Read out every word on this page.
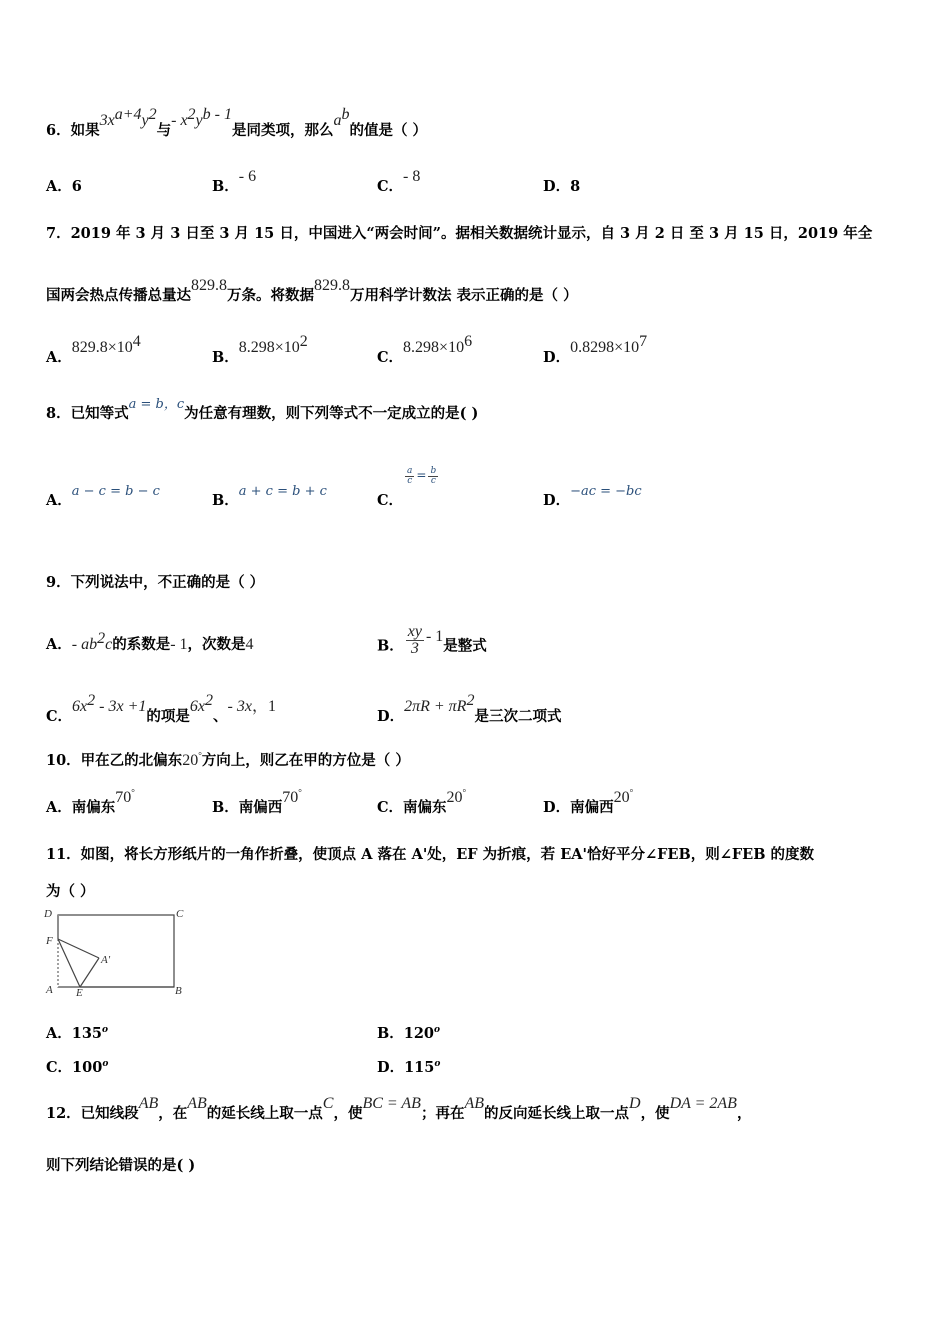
6．如果$3x^{a+4}y^2$与- $x^2y^{b - 1}$是同类项，那么$a^b$的值是（ ）
A．6	B．- 6
C．- 8
D．8
7．2019 年 3 月 3 日至 3 月 15 日，中国进入“两会时间”。据相关数据统计显示，自 3 月 2 日 至 3 月 15 日，2019 年全
国两会热点传播总量达829.8万条。将数据829.8万用科学计数法 表示正确的是（ ）
A．$829.8\times 10^4$
B．$8.298\times 10^2$
C．$8.298\times 10^6$
D．$0.8298\times 10^7$
8．已知等式a = b，c为任意有理数，则下列等式不一定成立的是( )
A．a − c = b − c
B．a + c = b + c
C．
$^{\frac{a}{c} = \frac{b}{c}}$
D．−ac = −bc
9．下列说法中，不正确的是（ ）
A．- $ab^2c$的系数是- 1，次数是4	B． $\frac{xy}{3} - 1$是整式
C．$6x^2 - 3x +1$的项是$6x^2$、- 3x，1
D．$2\pi R + \pi R^2$是三次二项式
10．甲在乙的北偏东20°方向上，则乙在甲的方位是（ ）
A．南偏东70°
B．南偏西70°
C．南偏东20°
D．南偏西20°
11．如图，将长方形纸片的一角作折叠，使顶点 A 落在 A'处，EF 为折痕，若 EA'恰好平分∠FEB，则∠FEB 的度数
为（ ）
D	C
F
A'
A E	B
A．135$^o$	B．120$^o$
C．100$^o$	D．115$^o$
12．已知线段AB，在AB的延长线上取一点C，使BC = AB；再在AB的反向延长线上取一点D，使DA = 2AB，
则下列结论错误的是( )
